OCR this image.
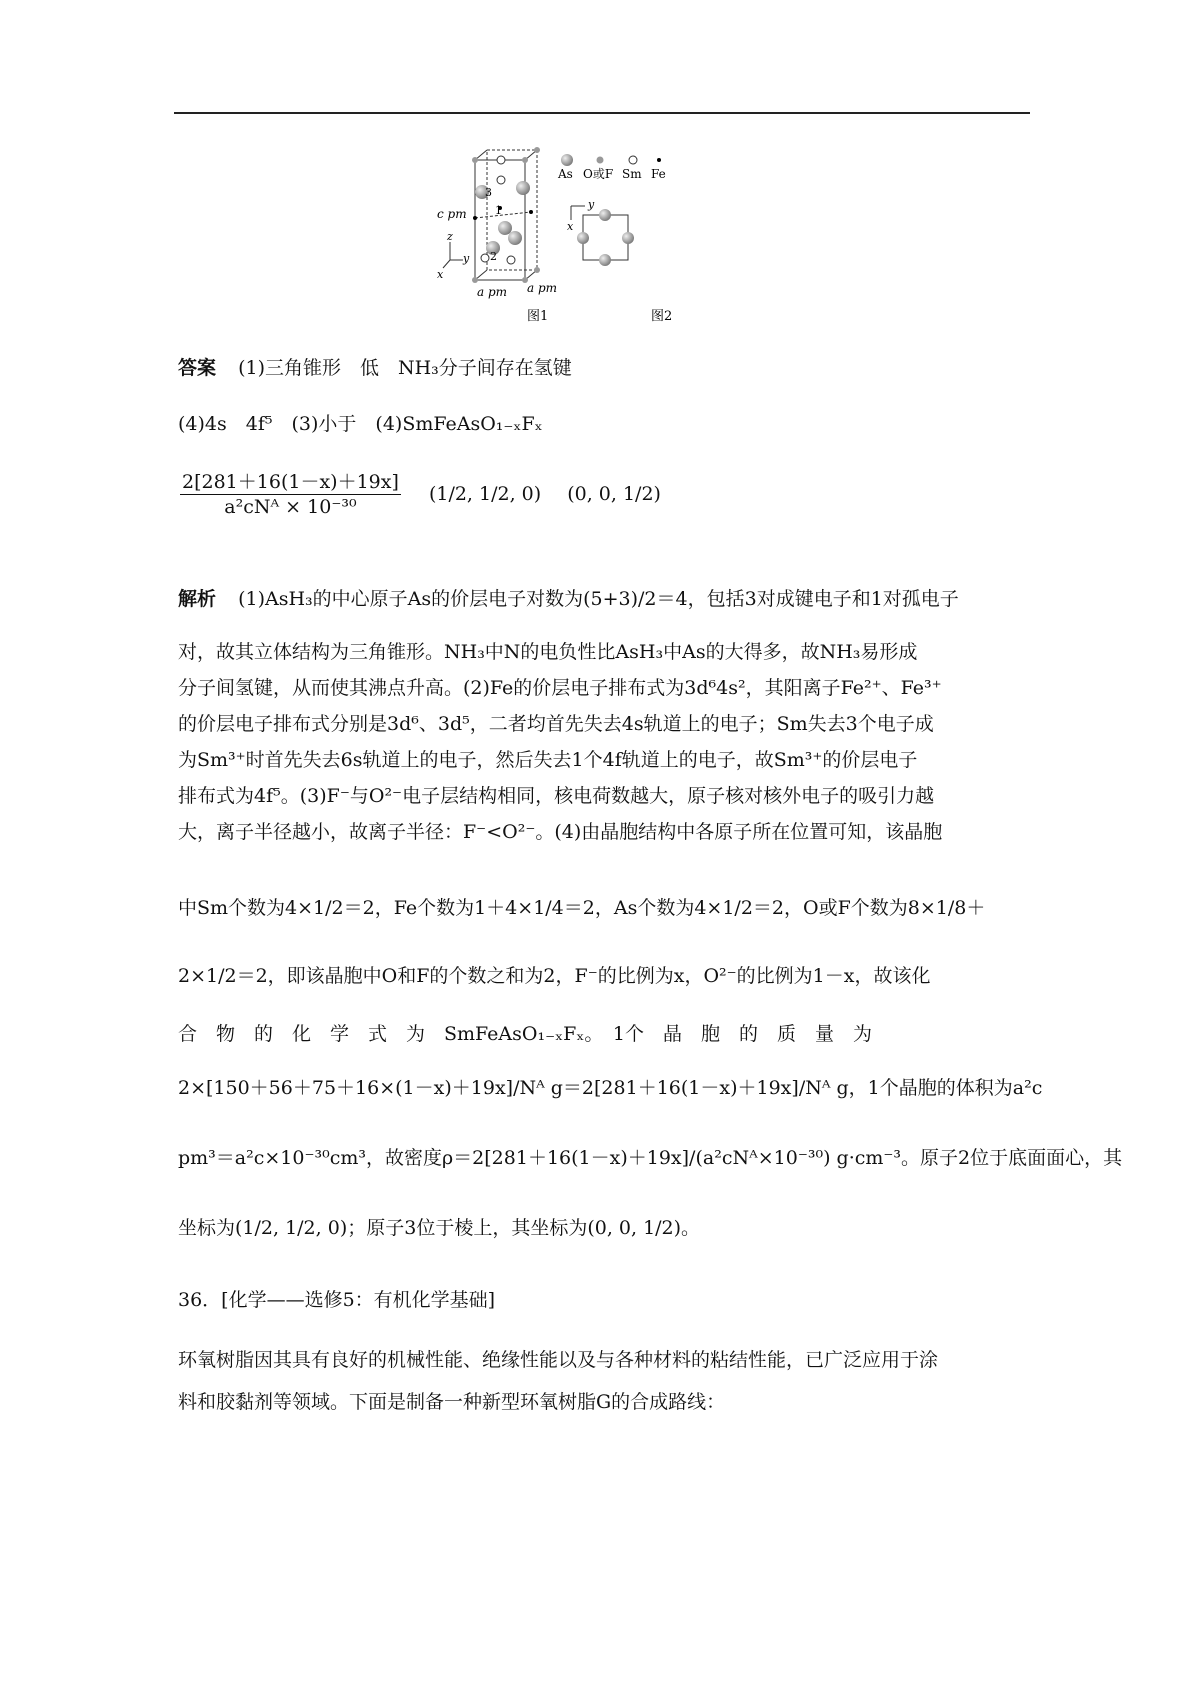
c pm
a pm a pm
1
2
3
z
y
x
As O或F Sm Fe
y
x
图1	图2
答案 (1)三角锥形　低　NH₃分子间存在氢键
(4)4s　4f⁵　(3)小于　(4)SmFeAsO₁₋ₓFₓ
$\frac{2[281+16(1-x)+19x]}{\text{a²cNᴬ × 10⁻³⁰}} (1/2$, 1/2, 0) (0, 0, 1/2)
解析 (1)AsH₃的中心原子As的价层电子对数为(5+3)/2＝4，包括3对成键电子和1对孤电子
对，故其立体结构为三角锥形。NH₃中N的电负性比AsH₃中As的大得多，故NH₃易形成
分子间氢键，从而使其沸点升高。(2)Fe的价层电子排布式为3d⁶4s²，其阳离子Fe²⁺、Fe³⁺
的价层电子排布式分别是3d⁶、3d⁵，二者均首先失去4s轨道上的电子；Sm失去3个电子成
为Sm³⁺时首先失去6s轨道上的电子，然后失去1个4f轨道上的电子，故Sm³⁺的价层电子
排布式为4f⁵。(3)F⁻与O²⁻电子层结构相同，核电荷数越大，原子核对核外电子的吸引力越
大，离子半径越小，故离子半径：F⁻<O²⁻。(4)由晶胞结构中各原子所在位置可知，该晶胞
中Sm个数为4×1/2＝2，Fe个数为1＋4×1/4＝2，As个数为4×1/2＝2，O或F个数为8×1/8＋
2×1/2＝2，即该晶胞中O和F的个数之和为2，F⁻的比例为x，O²⁻的比例为1－x，故该化
合　物　的　化　学　式　为　SmFeAsO₁₋ₓFₓ。　1个　晶　胞　的　质　量　为
2×[150＋56＋75＋16×(1－x)＋19x]/Nᴬ g＝2[281＋16(1－x)＋19x]/Nᴬ g，1个晶胞的体积为a²c
pm³＝a²c×10⁻³⁰cm³，故密度ρ＝2[281＋16(1－x)＋19x]/(a²cNᴬ×10⁻³⁰) g·cm⁻³。原子2位于底面面心，其
坐标为(1/2, 1/2, 0)；原子3位于棱上，其坐标为(0, 0, 1/2)。
36．[化学——选修5：有机化学基础]
环氧树脂因其具有良好的机械性能、绝缘性能以及与各种材料的粘结性能，已广泛应用于涂
料和胶黏剂等领域。下面是制备一种新型环氧树脂G的合成路线：
